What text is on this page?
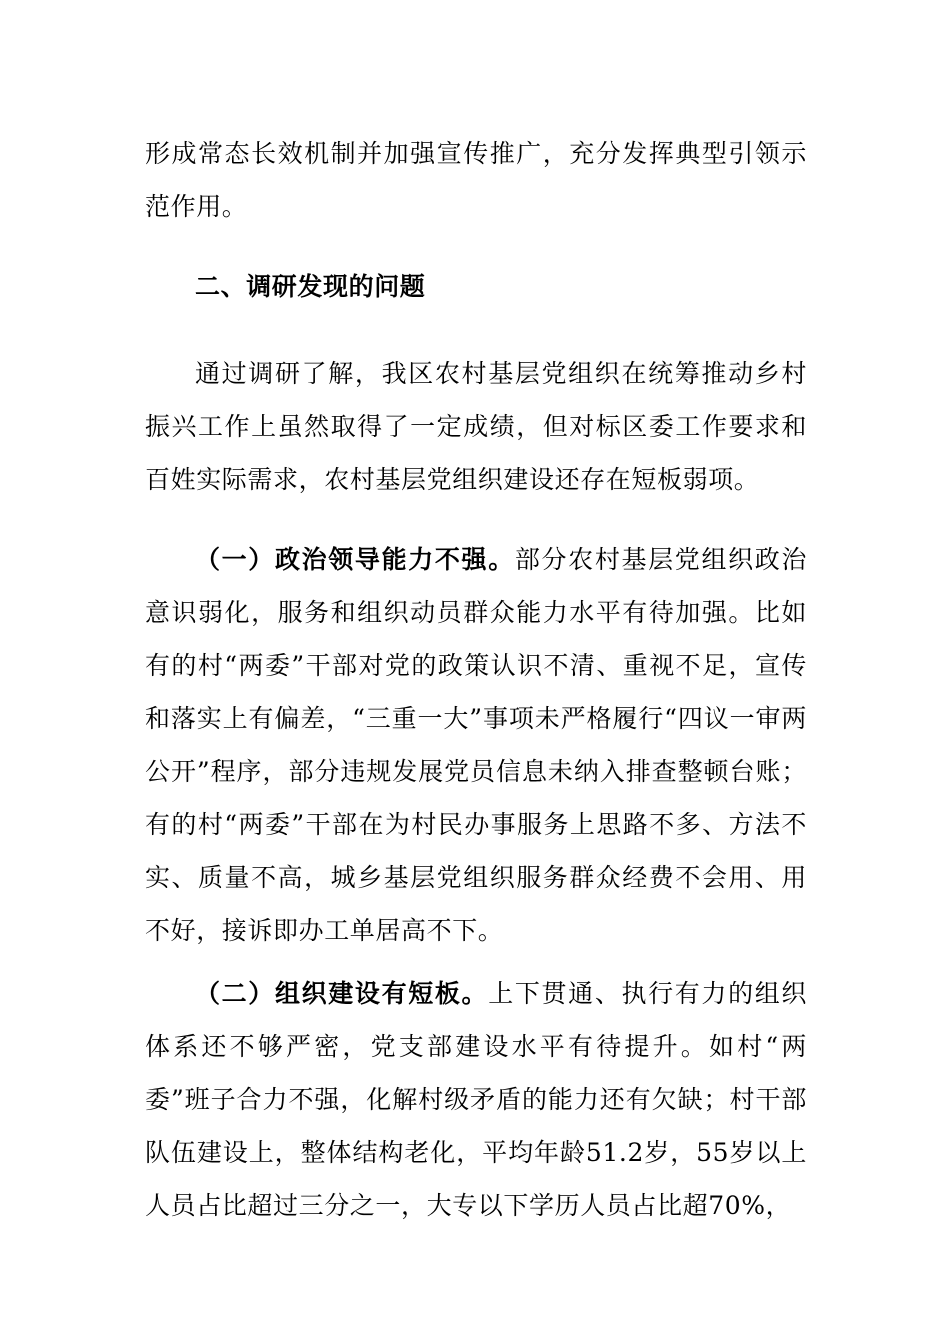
形成常态长效机制并加强宣传推广，充分发挥典型引领示范作用。

二、调研发现的问题

通过调研了解，我区农村基层党组织在统筹推动乡村振兴工作上虽然取得了一定成绩，但对标区委工作要求和百姓实际需求，农村基层党组织建设还存在短板弱项。

（一）政治领导能力不强。部分农村基层党组织政治意识弱化，服务和组织动员群众能力水平有待加强。比如有的村“两委”干部对党的政策认识不清、重视不足，宣传和落实上有偏差，“三重一大”事项未严格履行“四议一审两公开”程序，部分违规发展党员信息未纳入排查整顿台账；有的村“两委”干部在为村民办事服务上思路不多、方法不实、质量不高，城乡基层党组织服务群众经费不会用、用不好，接诉即办工单居高不下。

（二）组织建设有短板。上下贯通、执行有力的组织体系还不够严密，党支部建设水平有待提升。如村“两委”班子合力不强，化解村级矛盾的能力还有欠缺；村干部队伍建设上，整体结构老化，平均年龄51.2岁，55岁以上人员占比超过三分之一，大专以下学历人员占比超70%，
